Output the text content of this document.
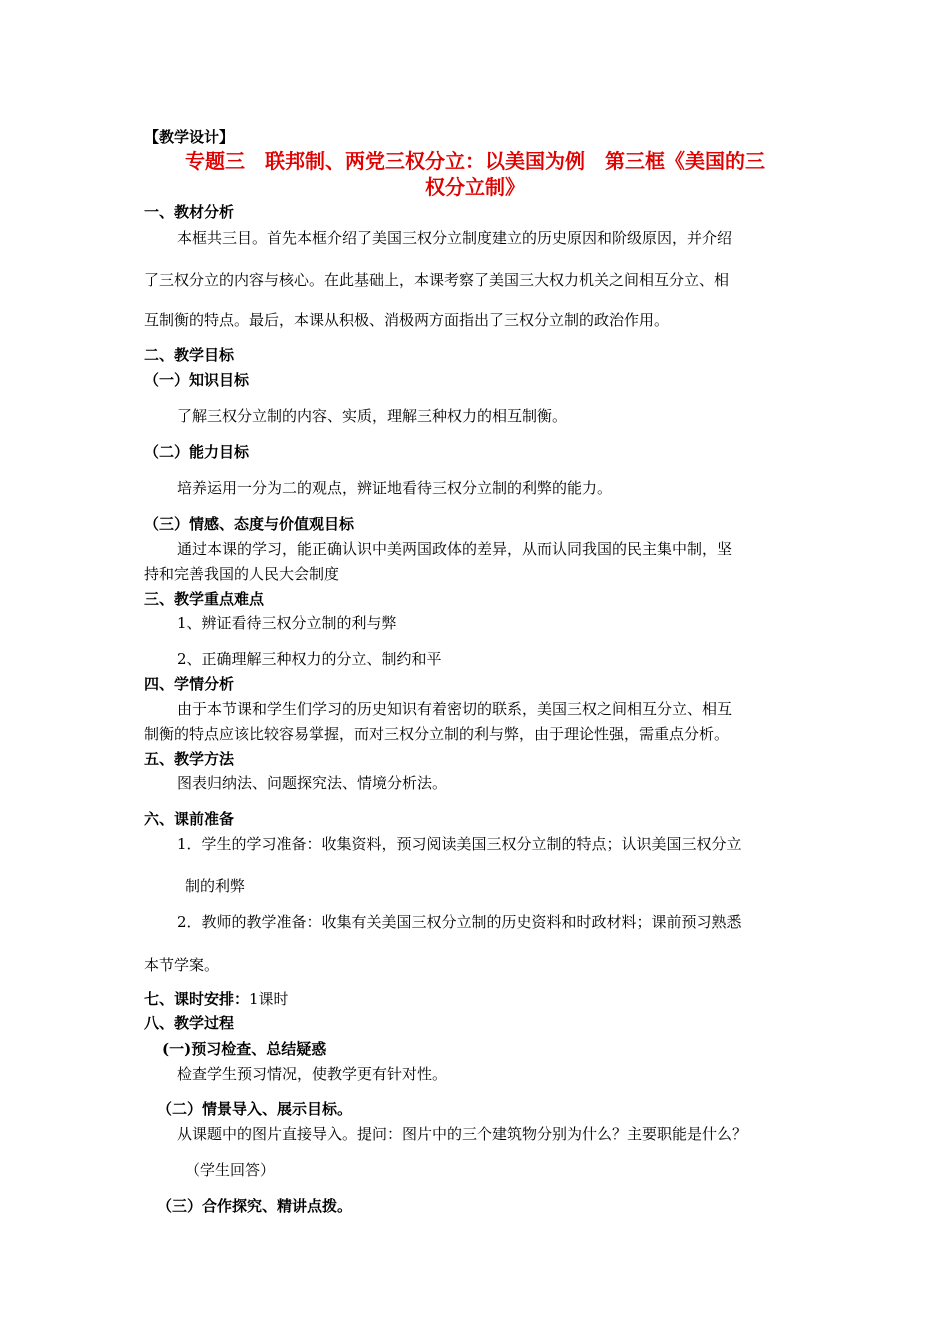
【教学设计】
专题三　联邦制、两党三权分立：以美国为例　第三框《美国的三
权分立制》
一、教材分析
本框共三目。首先本框介绍了美国三权分立制度建立的历史原因和阶级原因，并介绍
了三权分立的内容与核心。在此基础上，本课考察了美国三大权力机关之间相互分立、相
互制衡的特点。最后，本课从积极、消极两方面指出了三权分立制的政治作用。
二、教学目标
（一）知识目标
了解三权分立制的内容、实质，理解三种权力的相互制衡。
（二）能力目标
培养运用一分为二的观点，辨证地看待三权分立制的利弊的能力。
（三）情感、态度与价值观目标
通过本课的学习，能正确认识中美两国政体的差异，从而认同我国的民主集中制，坚
持和完善我国的人民大会制度
三、教学重点难点
1、辨证看待三权分立制的利与弊
2、正确理解三种权力的分立、制约和平
四、学情分析
由于本节课和学生们学习的历史知识有着密切的联系，美国三权之间相互分立、相互
制衡的特点应该比较容易掌握，而对三权分立制的利与弊，由于理论性强，需重点分析。
五、教学方法
图表归纳法、问题探究法、情境分析法。
六、课前准备
1．学生的学习准备：收集资料，预习阅读美国三权分立制的特点；认识美国三权分立
制的利弊
2．教师的教学准备：收集有关美国三权分立制的历史资料和时政材料；课前预习熟悉
本节学案。
七、课时安排：1课时
八、教学过程
(一)预习检查、总结疑惑
检查学生预习情况，使教学更有针对性。
（二）情景导入、展示目标。
从课题中的图片直接导入。提问：图片中的三个建筑物分别为什么？主要职能是什么？
（学生回答）
（三）合作探究、精讲点拨。
